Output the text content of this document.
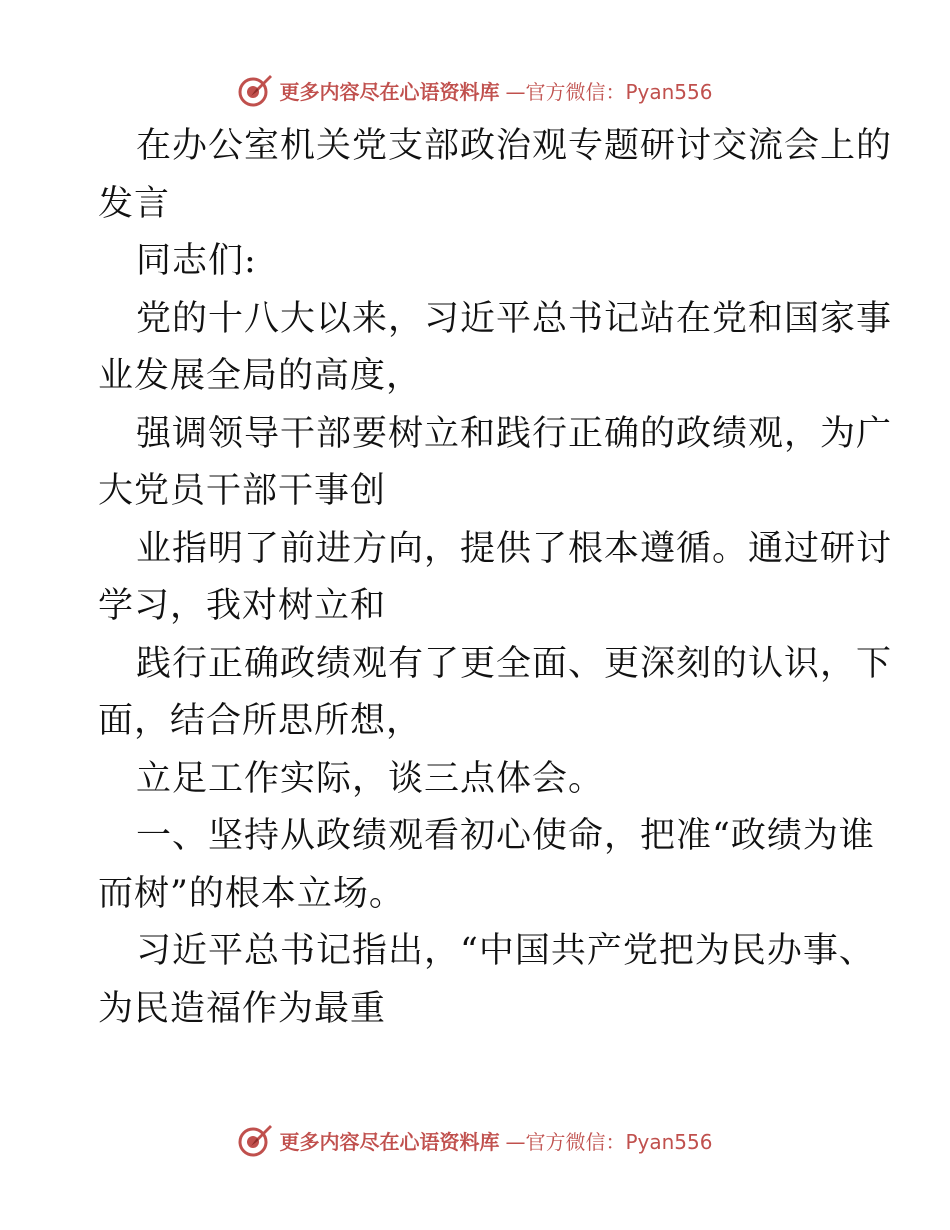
更多内容尽在心语资料库 —官方微信：Pyan556
在办公室机关党支部政治观专题研讨交流会上的
发言
同志们:
党的十八大以来，习近平总书记站在党和国家事
业发展全局的高度，
强调领导干部要树立和践行正确的政绩观，为广
大党员干部干事创
业指明了前进方向，提供了根本遵循。通过研讨
学习，我对树立和
践行正确政绩观有了更全面、更深刻的认识，下
面，结合所思所想，
立足工作实际，谈三点体会。
一、坚持从政绩观看初心使命，把准“政绩为谁
而树”的根本立场。
习近平总书记指出，“中国共产党把为民办事、
为民造福作为最重
更多内容尽在心语资料库 —官方微信：Pyan556
